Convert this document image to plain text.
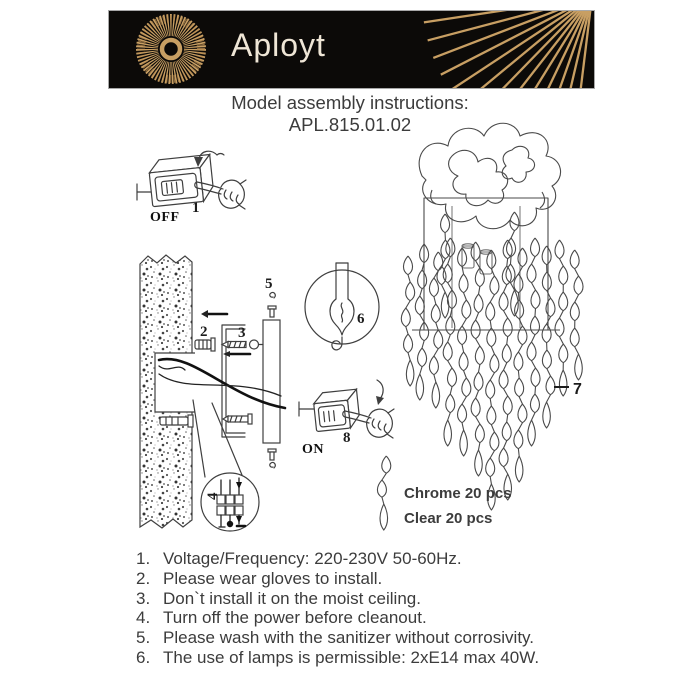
Aployt
Model assembly instructions:
APL.815.01.02
1
OFF
4
2 3
5
6
8
ON
7
Chrome 20 pcs
Clear 20 pcs
1. Voltage/Frequency: 220-230V 50-60Hz.
2. Please wear gloves to install.
3. Don`t install it on the moist ceiling.
4. Turn off the power before cleanout.
5. Please wash with the sanitizer without corrosivity.
6. The use of lamps is permissible: 2xE14 max 40W.
